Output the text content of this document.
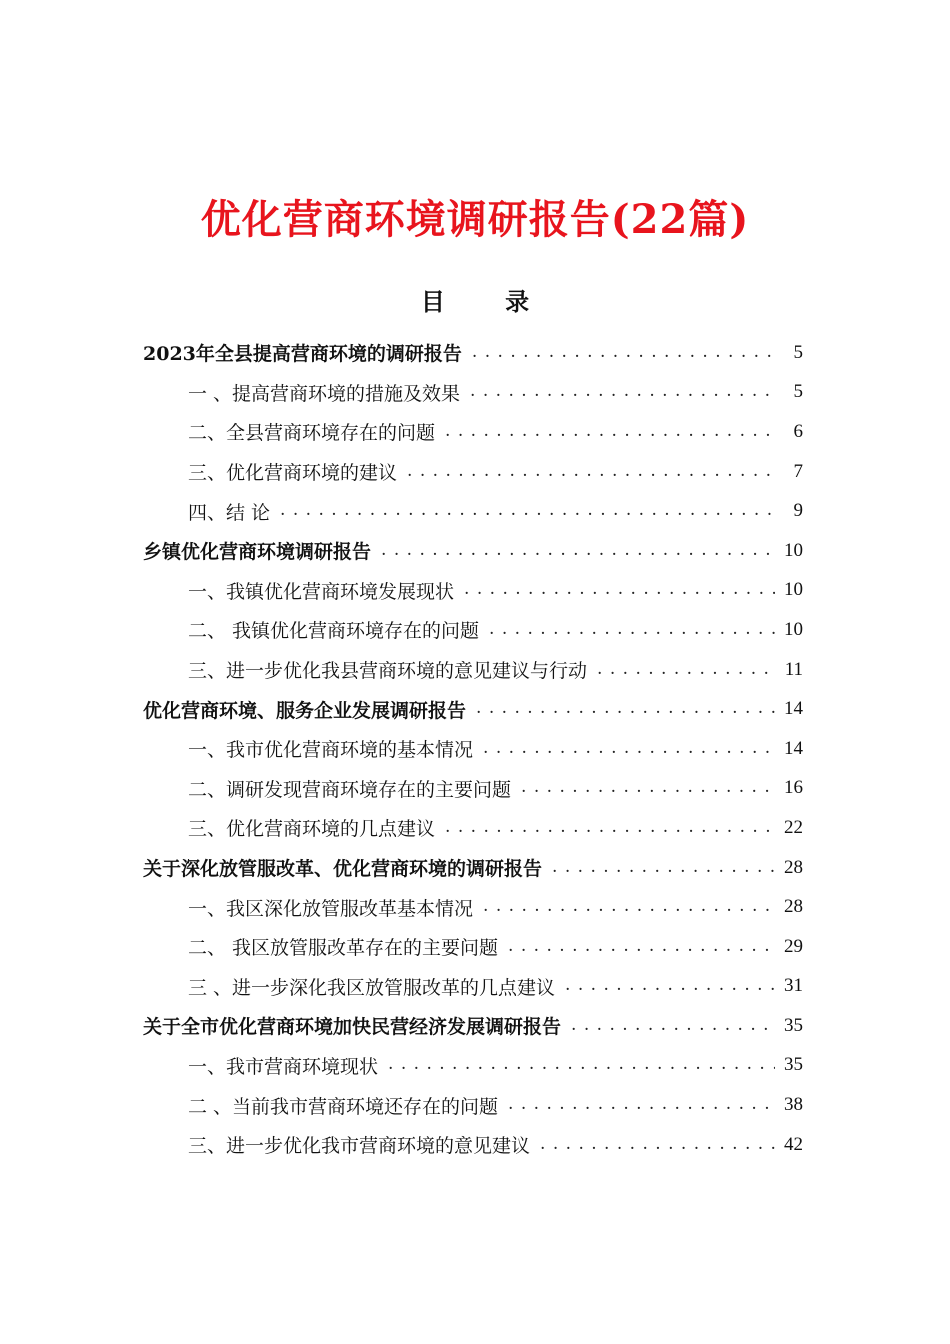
优化营商环境调研报告(22篇)
目 录
2023年全县提高营商环境的调研报告 . . .	5
一 、提高营商环境的措施及效果 . . .	5
二、全县营商环境存在的问题 . . .	6
三、优化营商环境的建议 . . .	7
四、结 论 . . .	9
乡镇优化营商环境调研报告 . . .	10
一、我镇优化营商环境发展现状 . . .	10
二、 我镇优化营商环境存在的问题 . . .	10
三、进一步优化我县营商环境的意见建议与行动 . . .	11
优化营商环境、服务企业发展调研报告 . . .	14
一、我市优化营商环境的基本情况 . . .	14
二、调研发现营商环境存在的主要问题 . . .	16
三、优化营商环境的几点建议 . . .	22
关于深化放管服改革、优化营商环境的调研报告 . . .	28
一、我区深化放管服改革基本情况 . . .	28
二、 我区放管服改革存在的主要问题 . . .	29
三 、进一步深化我区放管服改革的几点建议 . . .	31
关于全市优化营商环境加快民营经济发展调研报告 . . .	35
一、我市营商环境现状 . . .	35
二 、当前我市营商环境还存在的问题 . . .	38
三、进一步优化我市营商环境的意见建议 . . .	42
